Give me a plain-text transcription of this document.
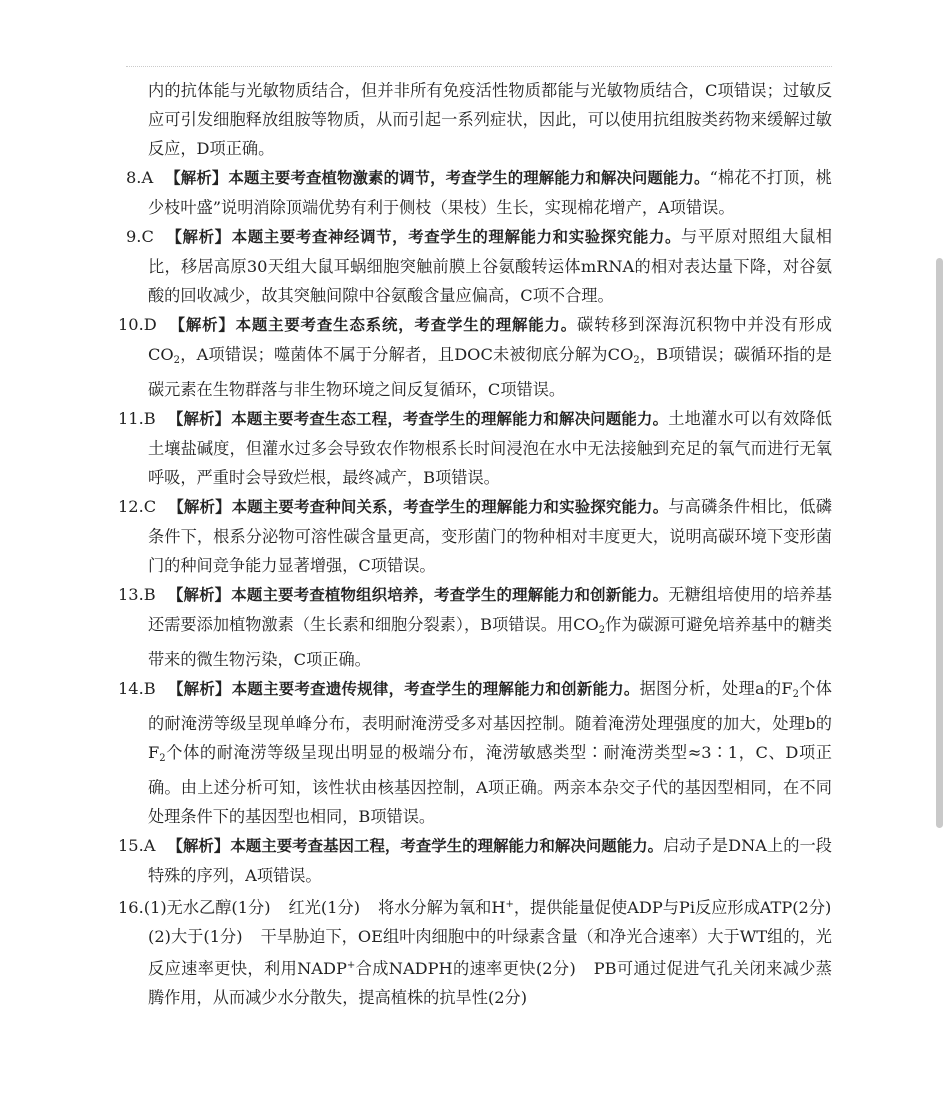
内的抗体能与光敏物质结合，但并非所有免疫活性物质都能与光敏物质结合，C项错误；过敏反应可引发细胞释放组胺等物质，从而引起一系列症状，因此，可以使用抗组胺类药物来缓解过敏反应，D项正确。

8.A 【解析】本题主要考查植物激素的调节，考查学生的理解能力和解决问题能力。“棉花不打顶，桃少枝叶盛”说明消除顶端优势有利于侧枝（果枝）生长，实现棉花增产，A项错误。

9.C 【解析】本题主要考查神经调节，考查学生的理解能力和实验探究能力。与平原对照组大鼠相比，移居高原30天组大鼠耳蜗细胞突触前膜上谷氨酸转运体mRNA的相对表达量下降，对谷氨酸的回收减少，故其突触间隙中谷氨酸含量应偏高，C项不合理。

10.D 【解析】本题主要考查生态系统，考查学生的理解能力。碳转移到深海沉积物中并没有形成$CO_2$，A项错误；噬菌体不属于分解者，且DOC未被彻底分解为$CO_2$，B项错误；碳循环指的是碳元素在生物群落与非生物环境之间反复循环，C项错误。

11.B 【解析】本题主要考查生态工程，考查学生的理解能力和解决问题能力。土地灌水可以有效降低土壤盐碱度，但灌水过多会导致农作物根系长时间浸泡在水中无法接触到充足的氧气而进行无氧呼吸，严重时会导致烂根，最终减产，B项错误。

12.C 【解析】本题主要考查种间关系，考查学生的理解能力和实验探究能力。与高磷条件相比，低磷条件下，根系分泌物可溶性碳含量更高，变形菌门的物种相对丰度更大，说明高碳环境下变形菌门的种间竞争能力显著增强，C项错误。

13.B 【解析】本题主要考查植物组织培养，考查学生的理解能力和创新能力。无糖组培使用的培养基还需要添加植物激素（生长素和细胞分裂素），B项错误。用$CO_2$作为碳源可避免培养基中的糖类带来的微生物污染，C项正确。

14.B 【解析】本题主要考查遗传规律，考查学生的理解能力和创新能力。据图分析，处理a的$F_2$个体的耐淹涝等级呈现单峰分布，表明耐淹涝受多对基因控制。随着淹涝处理强度的加大，处理b的$F_2$个体的耐淹涝等级呈现出明显的极端分布，淹涝敏感类型∶耐淹涝类型≈3∶1，C、D项正确。由上述分析可知，该性状由核基因控制，A项正确。两亲本杂交子代的基因型相同，在不同处理条件下的基因型也相同，B项错误。

15.A 【解析】本题主要考查基因工程，考查学生的理解能力和解决问题能力。启动子是DNA上的一段特殊的序列，A项错误。

16.(1)无水乙醇(1分) 红光(1分) 将水分解为氧和H+，提供能量促使ADP与Pi反应形成ATP(2分)

(2)大于(1分) 干旱胁迫下，OE组叶肉细胞中的叶绿素含量（和净光合速率）大于WT组的，光反应速率更快，利用NADP+合成NADPH的速率更快(2分) PB可通过促进气孔关闭来减少蒸腾作用，从而减少水分散失，提高植株的抗旱性(2分)
